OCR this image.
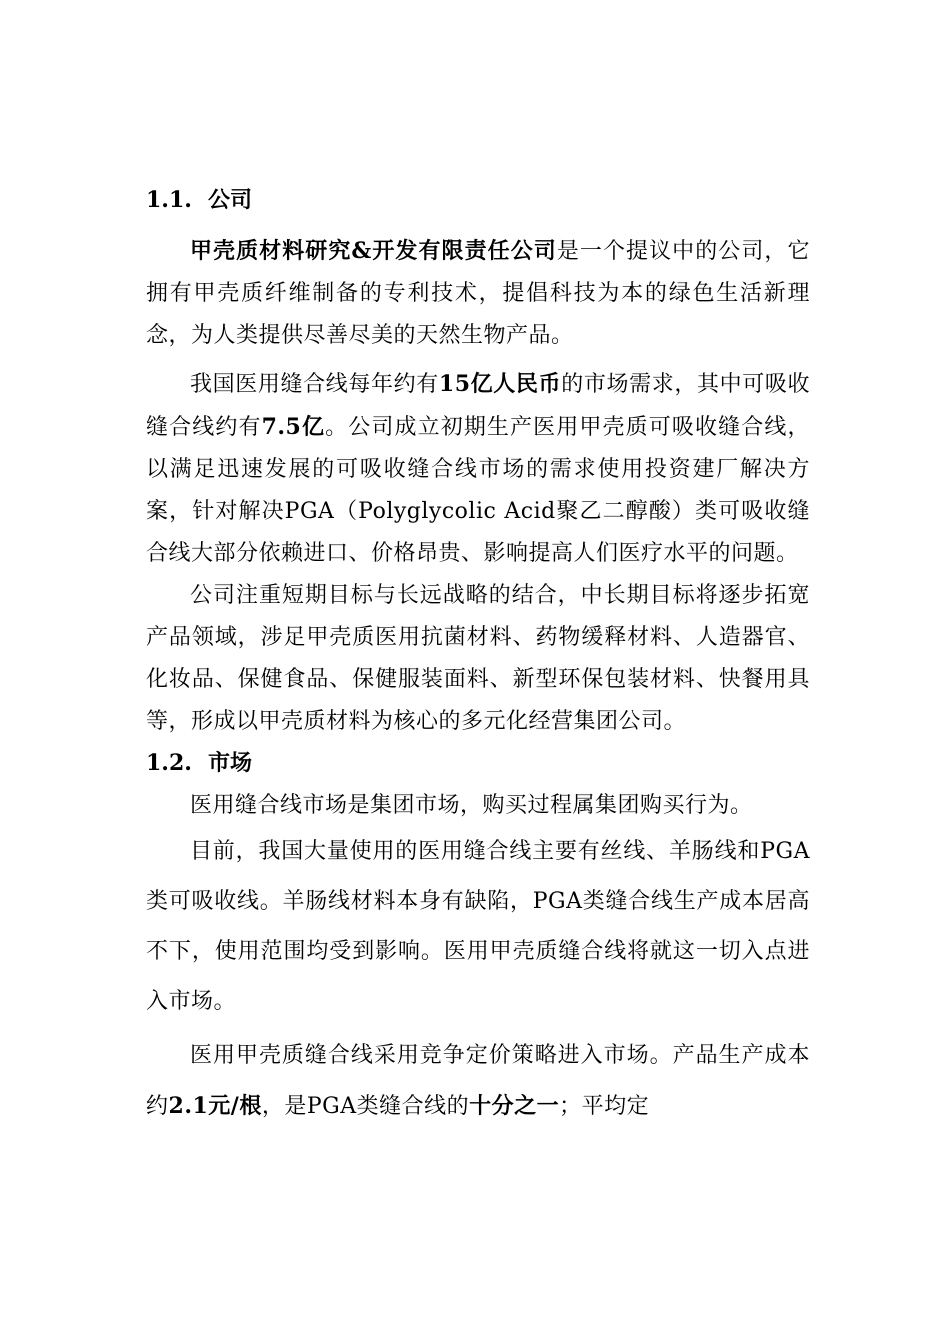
1.1. 公司

甲壳质材料研究&开发有限责任公司是一个提议中的公司，它拥有甲壳质纤维制备的专利技术，提倡科技为本的绿色生活新理念，为人类提供尽善尽美的天然生物产品。

我国医用缝合线每年约有15亿人民币的市场需求，其中可吸收缝合线约有7.5亿。公司成立初期生产医用甲壳质可吸收缝合线，以满足迅速发展的可吸收缝合线市场的需求使用投资建厂解决方案，针对解决PGA（Polyglycolic Acid聚乙二醇酸）类可吸收缝合线大部分依赖进口、价格昂贵、影响提高人们医疗水平的问题。

公司注重短期目标与长远战略的结合，中长期目标将逐步拓宽产品领域，涉足甲壳质医用抗菌材料、药物缓释材料、人造器官、化妆品、保健食品、保健服装面料、新型环保包装材料、快餐用具等，形成以甲壳质材料为核心的多元化经营集团公司。

1.2. 市场

医用缝合线市场是集团市场，购买过程属集团购买行为。

目前，我国大量使用的医用缝合线主要有丝线、羊肠线和PGA类可吸收线。羊肠线材料本身有缺陷，PGA类缝合线生产成本居高不下，使用范围均受到影响。医用甲壳质缝合线将就这一切入点进入市场。

医用甲壳质缝合线采用竞争定价策略进入市场。产品生产成本约2.1元/根，是PGA类缝合线的十分之一；平均定
